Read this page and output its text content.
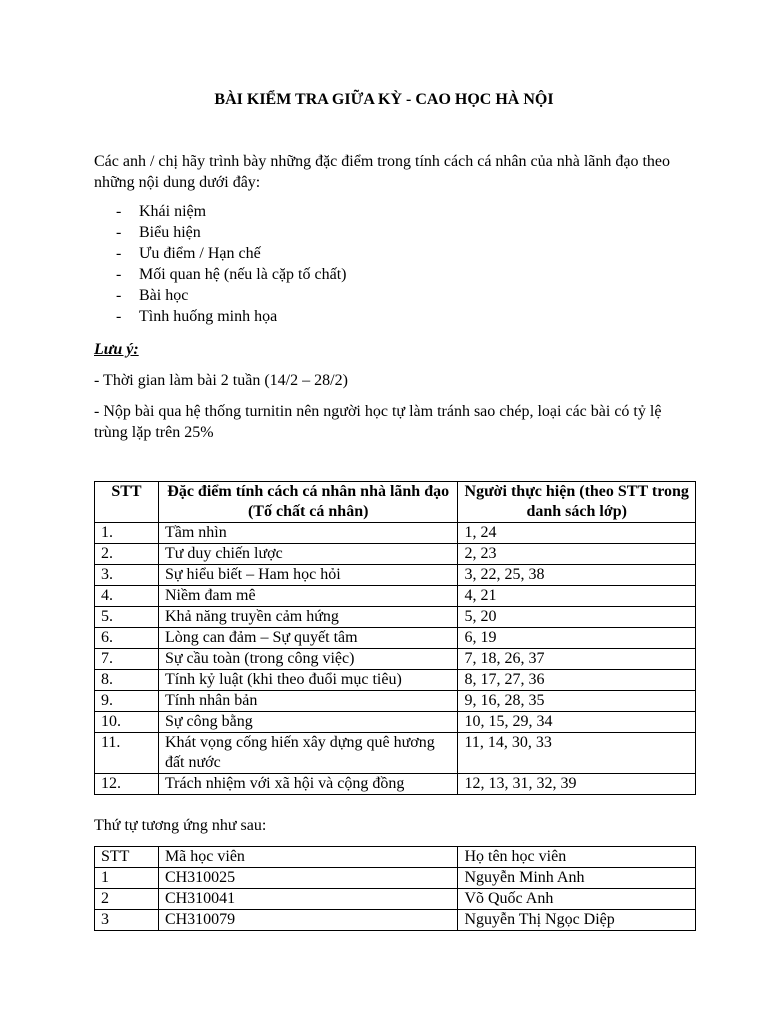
BÀI KIỂM TRA GIỮA KỲ - CAO HỌC HÀ NỘI
Các anh / chị hãy trình bày những đặc điểm trong tính cách cá nhân của nhà lãnh đạo theo những nội dung dưới đây:
- Khái niệm
- Biểu hiện
- Ưu điểm / Hạn chế
- Mối quan hệ (nếu là cặp tố chất)
- Bài học
- Tình huống minh họa
Lưu ý:
- Thời gian làm bài 2 tuần (14/2 – 28/2)
- Nộp bài qua hệ thống turnitin nên người học tự làm tránh sao chép, loại các bài có tỷ lệ trùng lặp trên 25%
STT	Đặc điểm tính cách cá nhân nhà lãnh đạo (Tố chất cá nhân)	Người thực hiện (theo STT trong danh sách lớp)
1.	Tầm nhìn	1, 24
2.	Tư duy chiến lược	2, 23
3.	Sự hiểu biết – Ham học hỏi	3, 22, 25, 38
4.	Niềm đam mê	4, 21
5.	Khả năng truyền cảm hứng	5, 20
6.	Lòng can đảm – Sự quyết tâm	6, 19
7.	Sự cầu toàn (trong công việc)	7, 18, 26, 37
8.	Tính kỷ luật (khi theo đuổi mục tiêu)	8, 17, 27, 36
9.	Tính nhân bản	9, 16, 28, 35
10.	Sự công bằng	10, 15, 29, 34
11.	Khát vọng cống hiến xây dựng quê hương đất nước	11, 14, 30, 33
12.	Trách nhiệm với xã hội và cộng đồng	12, 13, 31, 32, 39
Thứ tự tương ứng như sau:
STT	Mã học viên	Họ tên học viên
1	CH310025	Nguyễn Minh Anh
2	CH310041	Võ Quốc Anh
3	CH310079	Nguyễn Thị Ngọc Diệp
